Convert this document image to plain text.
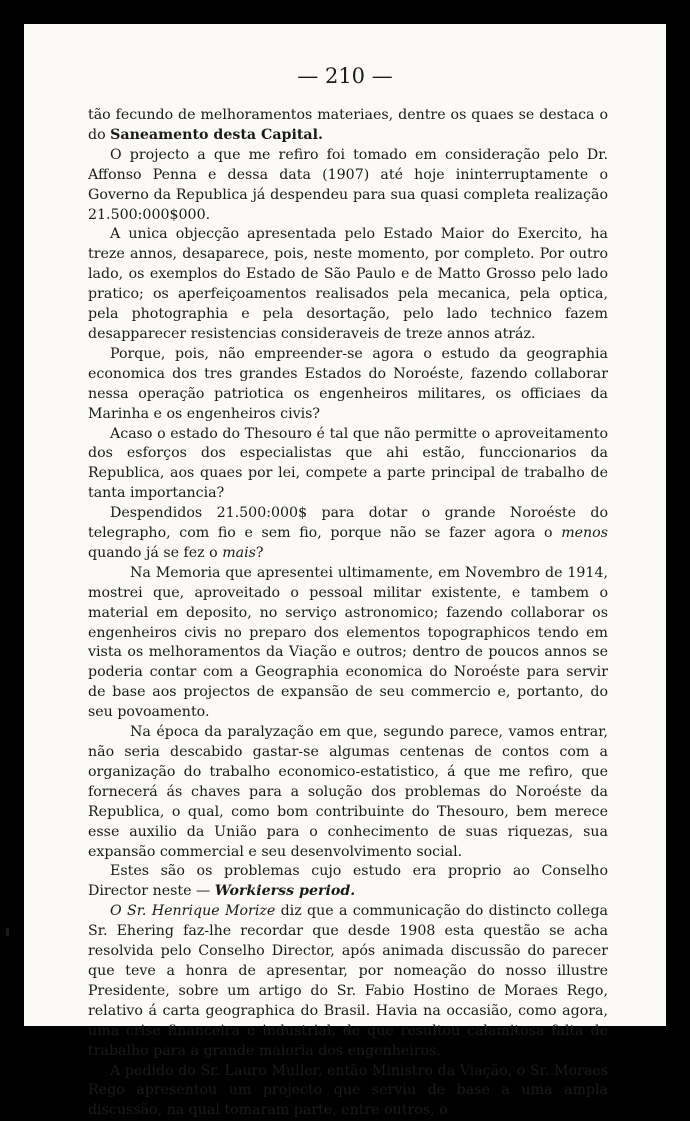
— 210 —

tão fecundo de melhoramentos materiaes, dentre os quaes se destaca o do Saneamento desta Capital.

O projecto a que me refiro foi tomado em consideração pelo Dr. Affonso Penna e dessa data (1907) até hoje ininterruptamente o Governo da Republica já despendeu para sua quasi completa realização 21.500:000$000.

A unica objecção apresentada pelo Estado Maior do Exercito, ha treze annos, desaparece, pois, neste momento, por completo. Por outro lado, os exemplos do Estado de São Paulo e de Matto Grosso pelo lado pratico; os aperfeiçoamentos realisados pela mecanica, pela optica, pela photographia e pela desortação, pelo lado technico fazem desapparecer resistencias consideraveis de treze annos atráz.

Porque, pois, não empreender-se agora o estudo da geographia economica dos tres grandes Estados do Noroéste, fazendo collaborar nessa operação patriotica os engenheiros militares, os officiaes da Marinha e os engenheiros civis?

Acaso o estado do Thesouro é tal que não permitte o aproveitamento dos esforços dos especialistas que ahi estão, funccionarios da Republica, aos quaes por lei, compete a parte principal de trabalho de tanta importancia?

Despendidos 21.500:000$ para dotar o grande Noroéste do telegrapho, com fio e sem fio, porque não se fazer agora o menos quando já se fez o mais?

Na Memoria que apresentei ultimamente, em Novembro de 1914, mostrei que, aproveitado o pessoal militar existente, e tambem o material em deposito, no serviço astronomico; fazendo collaborar os engenheiros civis no preparo dos elementos topographicos tendo em vista os melhoramentos da Viação e outros; dentro de poucos annos se poderia contar com a Geographia economica do Noroéste para servir de base aos projectos de expansão de seu commercio e, portanto, do seu povoamento.

Na época da paralyzação em que, segundo parece, vamos entrar, não seria descabido gastar-se algumas centenas de contos com a organização do trabalho economico-estatistico, á que me refiro, que fornecerá ás chaves para a solução dos problemas do Noroéste da Republica, o qual, como bom contribuinte do Thesouro, bem merece esse auxilio da União para o conhecimento de suas riquezas, sua expansão commercial e seu desenvolvimento social.

Estes são os problemas cujo estudo era proprio ao Conselho Director neste — Workierss period.

O Sr. Henrique Morize diz que a communicação do distincto collega Sr. Ehering faz-lhe recordar que desde 1908 esta questão se acha resolvida pelo Conselho Director, após animada discussão do parecer que teve a honra de apresentar, por nomeação do nosso illustre Presidente, sobre um artigo do Sr. Fabio Hostino de Moraes Rego, relativo á carta geographica do Brasil. Havia na occasião, como agora, uma crise financeira e industrial, de que resultou calamitosa falta de trabalho para a grande maioria dos engenheiros.

A pedido do Sr. Lauro Muller, então Ministro da Viação, o Sr. Moraes Rego apresentou um projecto que serviu de base a uma ampla discussão, na qual tomaram parte, entre outros, o
